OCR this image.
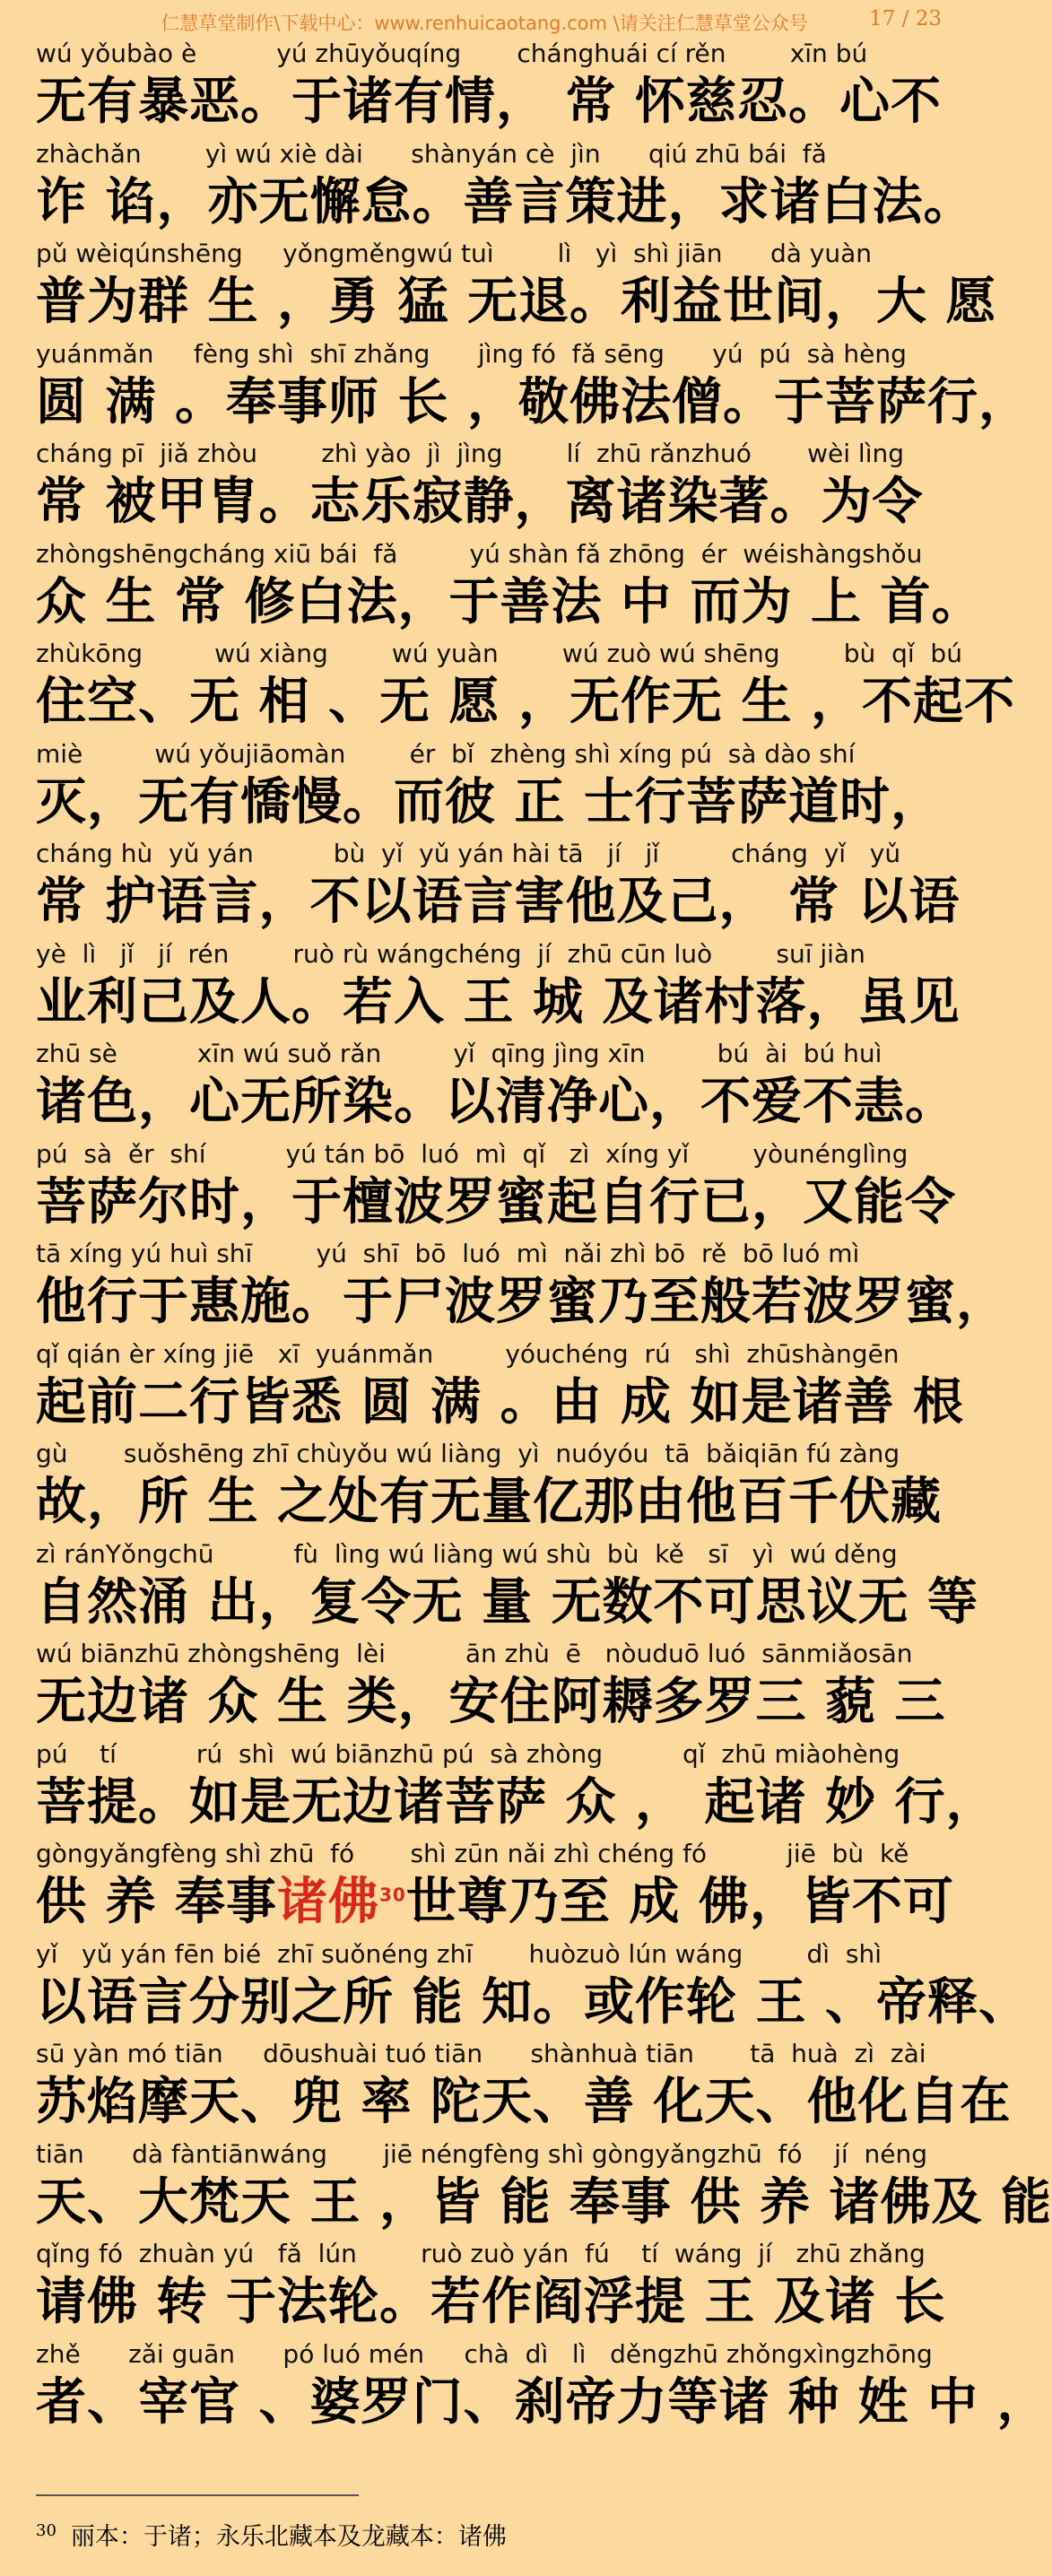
仁慧草堂制作\下载中心：www.renhuicaotang.com \请关注仁慧草堂公众号	17 / 23
wú yǒubào è          yú zhūyǒuqíng       chánghuái cí rěn        xīn bú
无有暴恶。于诸有情， 常 怀慈忍。心不
zhàchǎn        yì wú xiè dài      shànyán cè  jìn      qiú zhū bái  fǎ
诈 谄，亦无懈怠。善言策进，求诸白法。
pǔ wèiqúnshēng     yǒngměngwú tuì        lì   yì  shì jiān      dà yuàn
普为群 生 ，勇 猛 无退。利益世间，大 愿
yuánmǎn     fèng shì  shī zhǎng      jìng fó  fǎ sēng      yú  pú  sà hèng
圆 满 。奉事师 长 ，敬佛法僧。于菩萨行，
cháng pī  jiǎ zhòu        zhì yào  jì  jìng        lí  zhū rǎnzhuó       wèi lìng
常 被甲胄。志乐寂静，离诸染著。为令
zhòngshēngcháng xiū bái  fǎ         yú shàn fǎ zhōng  ér  wéishàngshǒu
众 生 常 修白法，于善法 中 而为 上 首。
zhùkōng         wú xiàng        wú yuàn        wú zuò wú shēng        bù  qǐ  bú
住空、无 相 、无 愿 ，无作无 生 ，不起不
miè         wú yǒujiāomàn        ér  bǐ  zhèng shì xíng pú  sà dào shí
灭，无有憍慢。而彼 正 士行菩萨道时，
cháng hù  yǔ yán          bù  yǐ  yǔ yán hài tā   jí   jǐ         cháng  yǐ   yǔ
常 护语言，不以语言害他及己， 常 以语
yè  lì   jǐ   jí  rén        ruò rù wángchéng  jí  zhū cūn luò        suī jiàn
业利己及人。若入 王 城 及诸村落，虽见
zhū sè          xīn wú suǒ rǎn         yǐ  qīng jìng xīn         bú  ài  bú huì
诸色，心无所染。以清净心，不爱不恚。
pú  sà  ěr  shí          yú tán bō  luó  mì  qǐ   zì  xíng yǐ        yòunénglìng
菩萨尔时，于檀波罗蜜起自行已，又能令
tā xíng yú huì shī        yú  shī  bō  luó  mì  nǎi zhì bō  rě  bō luó mì
他行于惠施。于尸波罗蜜乃至般若波罗蜜，
qǐ qián èr xíng jiē   xī  yuánmǎn         yóuchéng  rú   shì  zhūshàngēn
起前二行皆悉 圆 满 。由 成 如是诸善 根
gù       suǒshēng zhī chùyǒu wú liàng  yì  nuóyóu  tā  bǎiqiān fú zàng
故，所 生 之处有无量亿那由他百千伏藏
zì ránYǒngchū          fù  lìng wú liàng wú shù  bù  kě   sī   yì  wú děng
自然涌 出，复令无 量 无数不可思议无 等
wú biānzhū zhòngshēng  lèi          ān zhù  ē   nòuduō luó  sānmiǎosān
无边诸 众 生 类，安住阿耨多罗三 藐 三
pú    tí          rú  shì  wú biānzhū pú  sà zhòng          qǐ  zhū miàohèng
菩提。如是无边诸菩萨 众 ， 起诸 妙 行，
gòngyǎngfèng shì zhū  fó       shì zūn nǎi zhì chéng fó          jiē  bù  kě
供 养 奉事诸佛$^{30}$世尊乃至 成 佛，皆不可
yǐ   yǔ yán fēn bié  zhī suǒnéng zhī       huòzuò lún wáng        dì  shì
以语言分别之所 能 知。或作轮 王 、帝释、
sū yàn mó tiān     dōushuài tuó tiān      shànhuà tiān       tā  huà  zì  zài
苏焰摩天、兜 率 陀天、善 化天、他化自在
tiān      dà fàntiānwáng       jiē néngfèng shì gòngyǎngzhū  fó    jí  néng
天、大梵天 王 ，皆 能 奉事 供 养 诸佛及 能
qǐng fó  zhuàn yú   fǎ  lún        ruò zuò yán  fú    tí  wáng  jí   zhū zhǎng
请佛 转 于法轮。若作阎浮提 王 及诸 长
zhě      zǎi guān      pó luó mén     chà  dì   lì   děngzhū zhǒngxìngzhōng
者、宰官 、婆罗门、刹帝力等诸 种 姓 中 ，
$^{30}$ 丽本：于诸；永乐北藏本及龙藏本：诸佛
